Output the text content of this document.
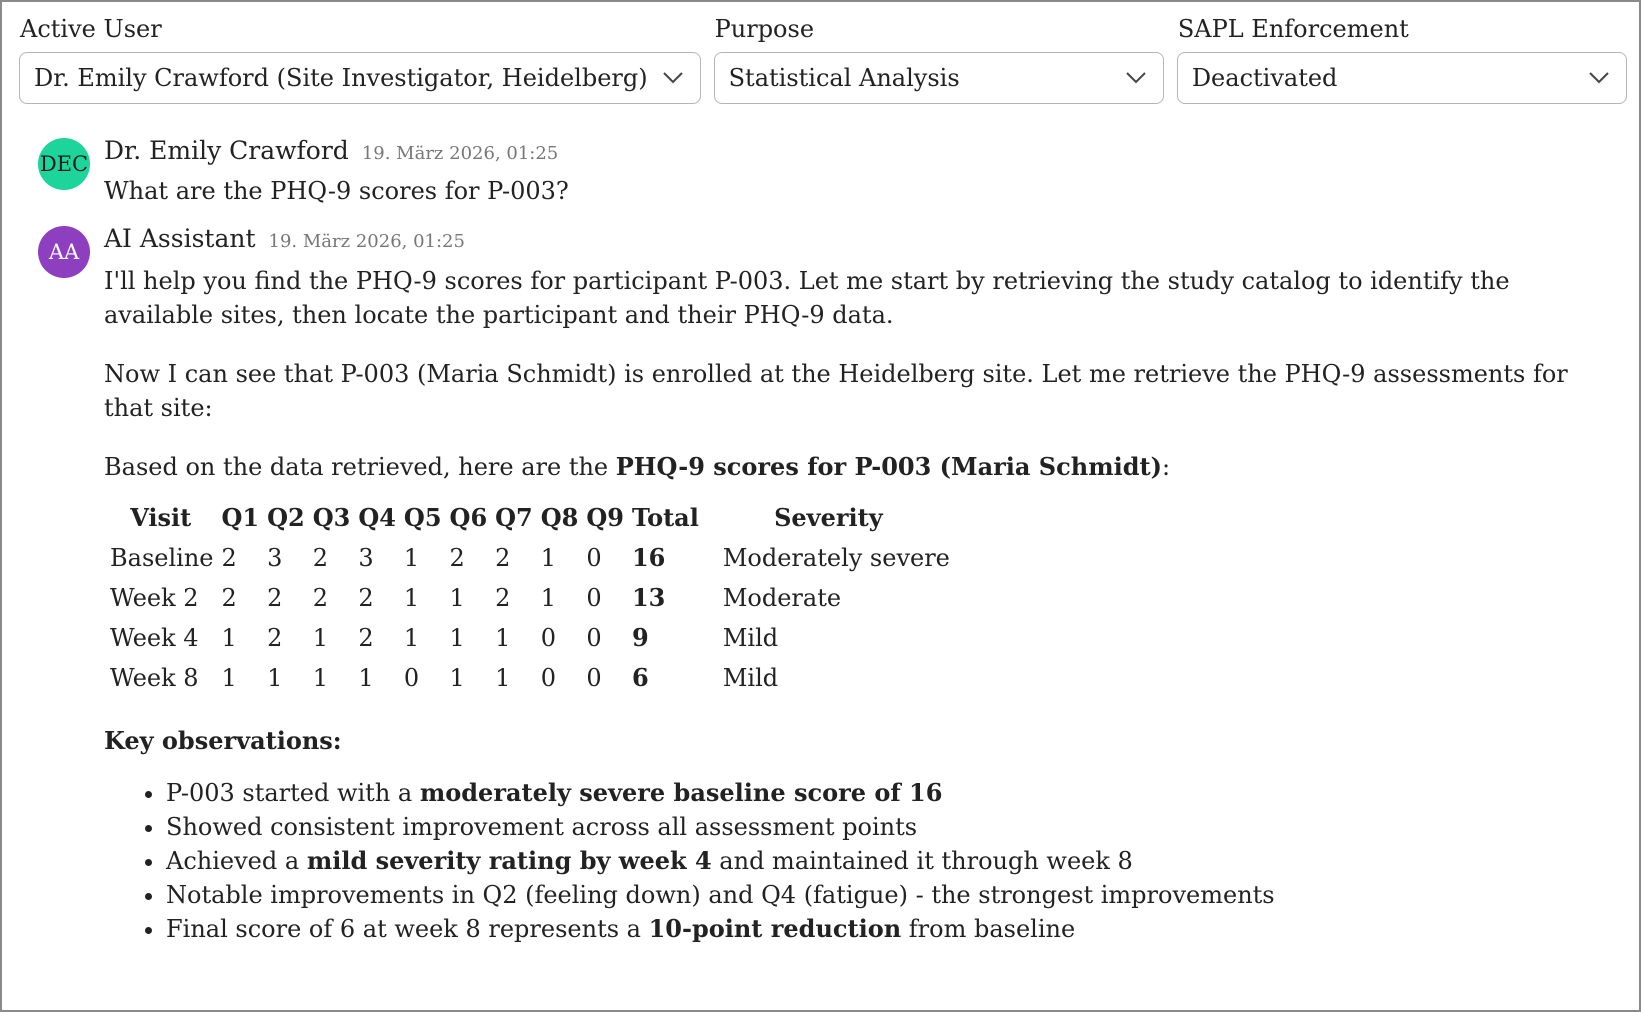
Active User
Dr. Emily Crawford (Site Investigator, Heidelberg)
Purpose
Statistical Analysis
SAPL Enforcement
Deactivated
DEC Dr. Emily Crawford 19. März 2026, 01:25
What are the PHQ-9 scores for P-003?
AA AI Assistant 19. März 2026, 01:25

I'll help you find the PHQ-9 scores for participant P-003. Let me start by retrieving the study catalog to identify the available sites, then locate the participant and their PHQ-9 data.

Now I can see that P-003 (Maria Schmidt) is enrolled at the Heidelberg site. Let me retrieve the PHQ-9 assessments for that site:

Based on the data retrieved, here are the PHQ-9 scores for P-003 (Maria Schmidt):

Visit	Q1	Q2	Q3	Q4	Q5	Q6	Q7	Q8	Q9	Total	Severity
Baseline	2	3	2	3	1	2	2	1	0	16	Moderately severe
Week 2	2	2	2	2	1	1	2	1	0	13	Moderate
Week 4	1	2	1	2	1	1	1	0	0	9	Mild
Week 8	1	1	1	1	0	1	1	0	0	6	Mild
Key observations:
• P-003 started with a moderately severe baseline score of 16
• Showed consistent improvement across all assessment points
• Achieved a mild severity rating by week 4 and maintained it through week 8
• Notable improvements in Q2 (feeling down) and Q4 (fatigue) - the strongest improvements
• Final score of 6 at week 8 represents a 10-point reduction from baseline
